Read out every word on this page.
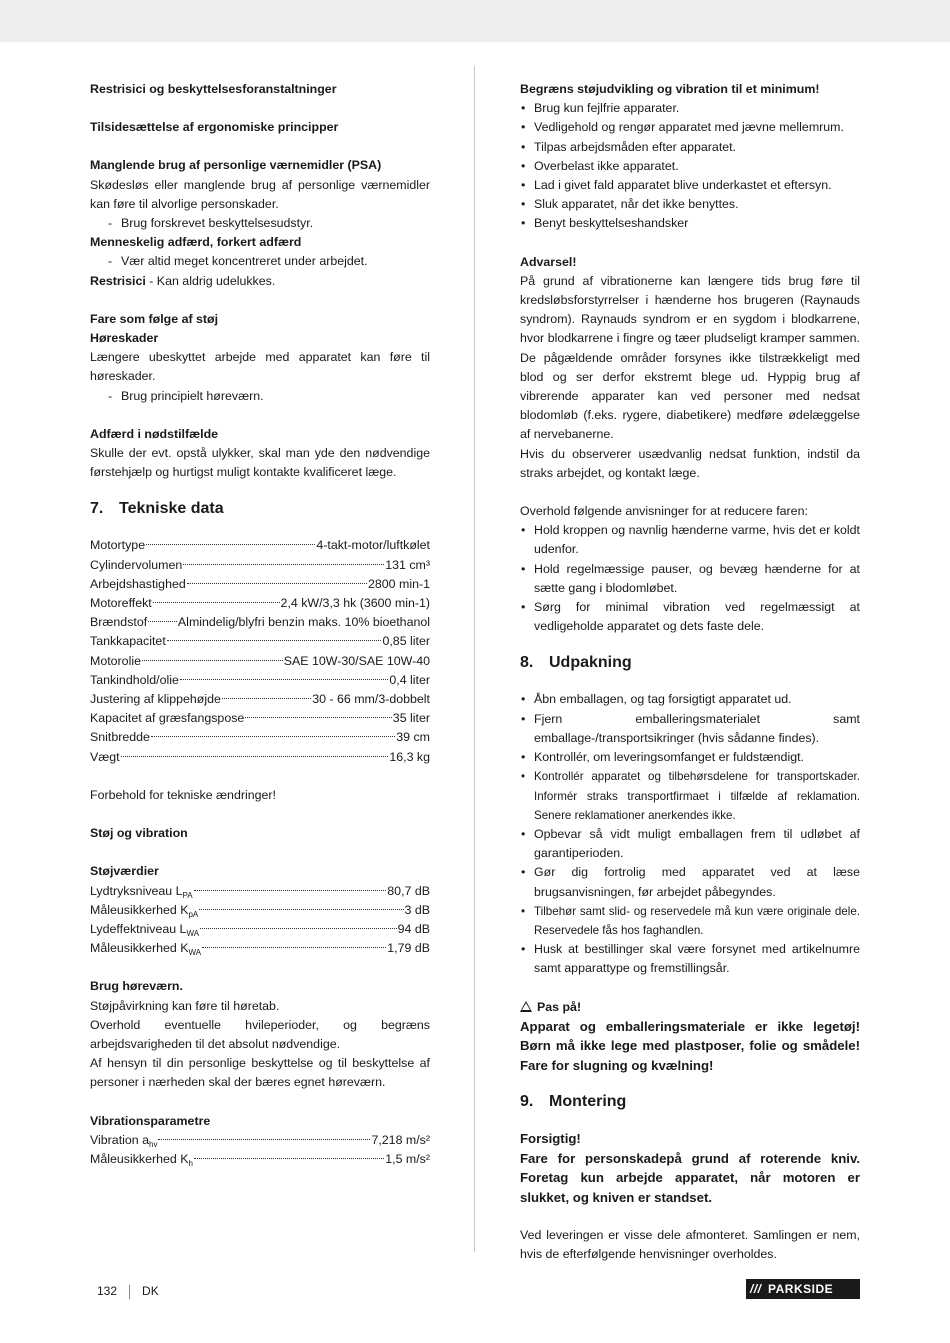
Restrisici og beskyttelsesforanstaltninger

Tilsidesættelse af ergonomiske principper

Manglende brug af personlige værnemidler (PSA)

Skødesløs eller manglende brug af personlige værnemidler kan føre til alvorlige personskader.

- Brug forskrevet beskyttelsesudstyr.

Menneskelig adfærd, forkert adfærd

- Vær altid meget koncentreret under arbejdet.

Restrisici - Kan aldrig udelukkes.

Fare som følge af støj

Høreskader

Længere ubeskyttet arbejde med apparatet kan føre til høreskader.

- Brug principielt høreværn.

Adfærd i nødstilfælde

Skulle der evt. opstå ulykker, skal man yde den nødvendige førstehjælp og hurtigst muligt kontakte kvalificeret læge.

7. Tekniske data

Motortype	4-takt-motor/luftkølet
Cylindervolumen	131 cm³
Arbejdshastighed	2800 min-1
Motoreffekt	2,4 kW/3,3 hk (3600 min-1)
Brændstof Almindelig/blyfri benzin maks. 10% bioethanol
Tankkapacitet	0,85 liter
Motorolie	SAE 10W-30/SAE 10W-40
Tankindhold/olie	0,4 liter
Justering af klippehøjde	30 - 66 mm/3-dobbelt
Kapacitet af græsfangspose	35 liter
Snitbredde	39 cm
Vægt	16,3 kg

Forbehold for tekniske ændringer!

Støj og vibration

Støjværdier

Lydtryksniveau $L_{PA}$	80,7 dB
Måleusikkerhed $K_{pA}$	3 dB
Lydeffektniveau $L_{WA}$	94 dB
Måleusikkerhed $K_{WA}$	1,79 dB

Brug høreværn.

Støjpåvirkning kan føre til høretab.

Overhold eventuelle hvileperioder, og begræns arbejdsvarigheden til det absolut nødvendige.

Af hensyn til din personlige beskyttelse og til beskyttelse af personer i nærheden skal der bæres egnet høreværn.

Vibrationsparametre

Vibration $a_{hv}$	7,218 m/s²
Måleusikkerhed $K_h$	1,5 m/s²

Begræns støjudvikling og vibration til et minimum!

• Brug kun fejlfrie apparater.
• Vedligehold og rengør apparatet med jævne mellemrum.
• Tilpas arbejdsmåden efter apparatet.
• Overbelast ikke apparatet.
• Lad i givet fald apparatet blive underkastet et eftersyn.
• Sluk apparatet, når det ikke benyttes.
• Benyt beskyttelseshandsker

Advarsel!

På grund af vibrationerne kan længere tids brug føre til kredsløbsforstyrrelser i hænderne hos brugeren (Raynauds syndrom). Raynauds syndrom er en sygdom i blodkarrene, hvor blodkarrene i fingre og tæer pludseligt kramper sammen. De pågældende områder forsynes ikke tilstrækkeligt med blod og ser derfor ekstremt blege ud. Hyppig brug af vibrerende apparater kan ved personer med nedsat blodomløb (f.eks. rygere, diabetikere) medføre ødelæggelse af nervebanerne.

Hvis du observerer usædvanlig nedsat funktion, indstil da straks arbejdet, og kontakt læge.

Overhold følgende anvisninger for at reducere faren:

• Hold kroppen og navnlig hænderne varme, hvis det er koldt udenfor.
• Hold regelmæssige pauser, og bevæg hænderne for at sætte gang i blodomløbet.
• Sørg for minimal vibration ved regelmæssigt at vedligeholde apparatet og dets faste dele.

8. Udpakning

• Åbn emballagen, og tag forsigtigt apparatet ud.
• Fjern emballeringsmaterialet samt emballage-/transportsikringer (hvis sådanne findes).
• Kontrollér, om leveringsomfanget er fuldstændigt.
• Kontrollér apparatet og tilbehørsdelene for transportskader. Informér straks transportfirmaet i tilfælde af reklamation. Senere reklamationer anerkendes ikke.
• Opbevar så vidt muligt emballagen frem til udløbet af garantiperioden.
• Gør dig fortrolig med apparatet ved at læse brugsanvisningen, før arbejdet påbegyndes.
• Tilbehør samt slid- og reservedele må kun være originale dele. Reservedele fås hos faghandlen.
• Husk at bestillinger skal være forsynet med artikelnumre samt apparattype og fremstillingsår.

Pas på!

Apparat og emballeringsmateriale er ikke legetøj! Børn må ikke lege med plastposer, folie og smådele! Fare for slugning og kvælning!

9. Montering

Forsigtig!

Fare for personskadepå grund af roterende kniv. Foretag kun arbejde apparatet, når motoren er slukket, og kniven er standset.

Ved leveringen er visse dele afmonteret. Samlingen er nem, hvis de efterfølgende henvisninger overholdes.

132 DK	/// PARKSIDE
